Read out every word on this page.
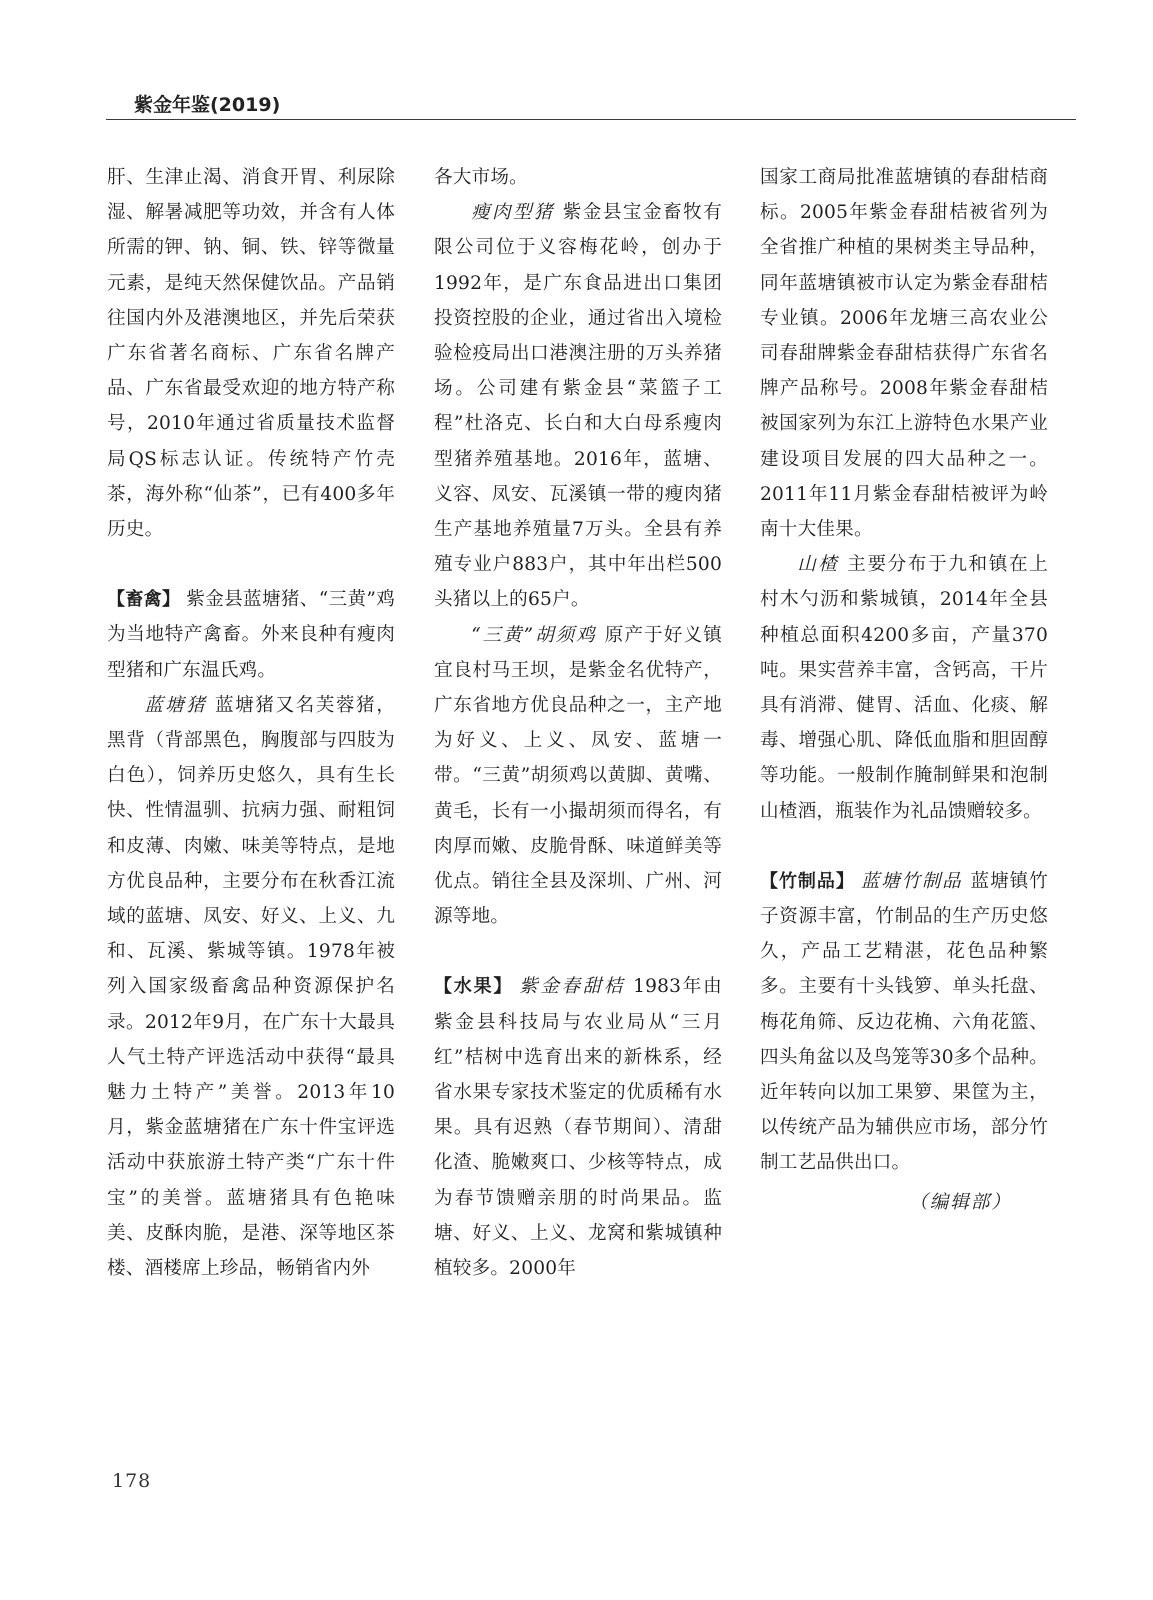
紫金年鉴(2019)

肝、生津止渴、消食开胃、利尿除湿、解暑减肥等功效，并含有人体所需的钾、钠、铜、铁、锌等微量元素，是纯天然保健饮品。产品销往国内外及港澳地区，并先后荣获广东省著名商标、广东省名牌产品、广东省最受欢迎的地方特产称号，2010年通过省质量技术监督局QS标志认证。传统特产竹壳茶，海外称“仙茶”，已有400多年历史。

【畜禽】 紫金县蓝塘猪、“三黄”鸡为当地特产禽畜。外来良种有瘦肉型猪和广东温氏鸡。

蓝塘猪 蓝塘猪又名芙蓉猪，黑背（背部黑色，胸腹部与四肢为白色），饲养历史悠久，具有生长快、性情温驯、抗病力强、耐粗饲和皮薄、肉嫩、味美等特点，是地方优良品种，主要分布在秋香江流域的蓝塘、凤安、好义、上义、九和、瓦溪、紫城等镇。1978年被列入国家级畜禽品种资源保护名录。2012年9月，在广东十大最具人气土特产评选活动中获得“最具魅力土特产”美誉。2013年10月，紫金蓝塘猪在广东十件宝评选活动中获旅游土特产类“广东十件宝”的美誉。蓝塘猪具有色艳味美、皮酥肉脆，是港、深等地区茶楼、酒楼席上珍品，畅销省内外

各大市场。

瘦肉型猪 紫金县宝金畜牧有限公司位于义容梅花岭，创办于1992年，是广东食品进出口集团投资控股的企业，通过省出入境检验检疫局出口港澳注册的万头养猪场。公司建有紫金县“菜篮子工程”杜洛克、长白和大白母系瘦肉型猪养殖基地。2016年，蓝塘、义容、凤安、瓦溪镇一带的瘦肉猪生产基地养殖量7万头。全县有养殖专业户883户，其中年出栏500头猪以上的65户。

“三黄”胡须鸡 原产于好义镇宜良村马王坝，是紫金名优特产，广东省地方优良品种之一，主产地为好义、上义、凤安、蓝塘一带。“三黄”胡须鸡以黄脚、黄嘴、黄毛，长有一小撮胡须而得名，有肉厚而嫩、皮脆骨酥、味道鲜美等优点。销往全县及深圳、广州、河源等地。

【水果】 紫金春甜桔 1983年由紫金县科技局与农业局从“三月红”桔树中选育出来的新株系，经省水果专家技术鉴定的优质稀有水果。具有迟熟（春节期间）、清甜化渣、脆嫩爽口、少核等特点，成为春节馈赠亲朋的时尚果品。监塘、好义、上义、龙窝和紫城镇种植较多。2000年

国家工商局批准蓝塘镇的春甜桔商标。2005年紫金春甜桔被省列为全省推广种植的果树类主导品种，同年蓝塘镇被市认定为紫金春甜桔专业镇。2006年龙塘三高农业公司春甜牌紫金春甜桔获得广东省名牌产品称号。2008年紫金春甜桔被国家列为东江上游特色水果产业建设项目发展的四大品种之一。2011年11月紫金春甜桔被评为岭南十大佳果。

山楂 主要分布于九和镇在上村木勺沥和紫城镇，2014年全县种植总面积4200多亩，产量370吨。果实营养丰富，含钙高，干片具有消滞、健胃、活血、化痰、解毒、增强心肌、降低血脂和胆固醇等功能。一般制作腌制鲜果和泡制山楂酒，瓶装作为礼品馈赠较多。

【竹制品】 蓝塘竹制品 蓝塘镇竹子资源丰富，竹制品的生产历史悠久，产品工艺精湛，花色品种繁多。主要有十头钱箩、单头托盘、梅花角筛、反边花桷、六角花篮、四头角盆以及鸟笼等30多个品种。近年转向以加工果箩、果筐为主，以传统产品为辅供应市场，部分竹制工艺品供出口。

（编辑部）

178
